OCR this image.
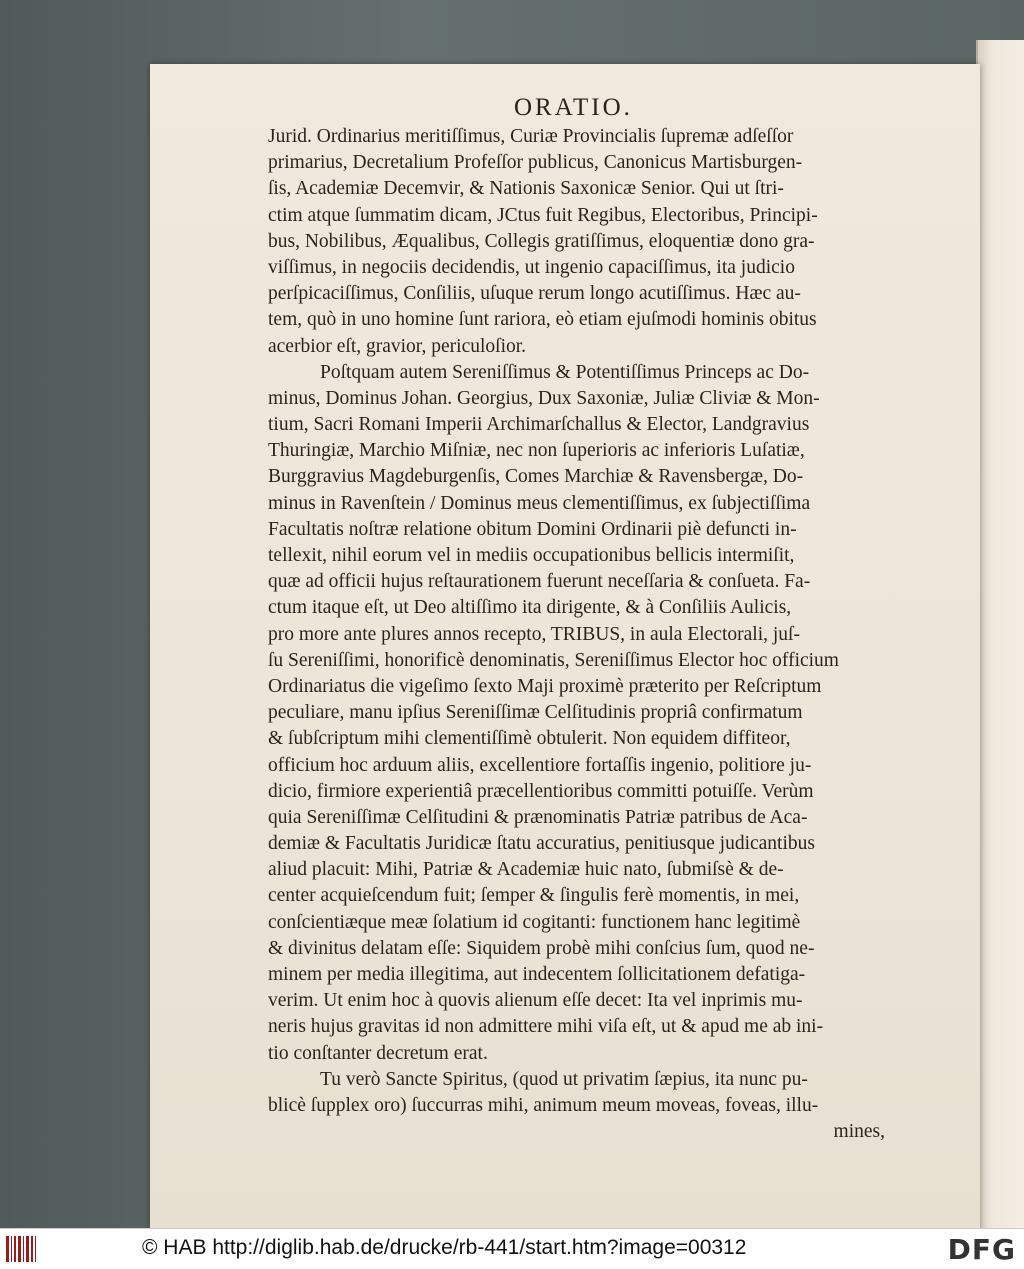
ORATIO.
Jurid. Ordinarius meritiſſimus, Curiæ Provincialis ſupremæ adſeſſor
primarius, Decretalium Profeſſor publicus, Canonicus Martisburgen-
ſis, Academiæ Decemvir, & Nationis Saxonicæ Senior. Qui ut ſtri-
ctim atque ſummatim dicam, JCtus fuit Regibus, Electoribus, Principi-
bus, Nobilibus, Æqualibus, Collegis gratiſſimus, eloquentiæ dono gra-
viſſimus, in negociis decidendis, ut ingenio capaciſſimus, ita judicio
perſpicaciſſimus, Conſiliis, uſuque rerum longo acutiſſimus. Hæc au-
tem, quò in uno homine ſunt rariora, eò etiam ejuſmodi hominis obitus
acerbior eſt, gravior, periculoſior.
Poſtquam autem Sereniſſimus & Potentiſſimus Princeps ac Do-
minus, Dominus Johan. Georgius, Dux Saxoniæ, Juliæ Cliviæ & Mon-
tium, Sacri Romani Imperii Archimarſchallus & Elector, Landgravius
Thuringiæ, Marchio Miſniæ, nec non ſuperioris ac inferioris Luſatiæ,
Burggravius Magdeburgenſis, Comes Marchiæ & Ravensbergæ, Do-
minus in Ravenſtein / Dominus meus clementiſſimus, ex ſubjectiſſima
Facultatis noſtræ relatione obitum Domini Ordinarii piè defuncti in-
tellexit, nihil eorum vel in mediis occupationibus bellicis intermiſit,
quæ ad officii hujus reſtaurationem fuerunt neceſſaria & conſueta. Fa-
ctum itaque eſt, ut Deo altiſſimo ita dirigente, & à Conſiliis Aulicis,
pro more ante plures annos recepto, TRIBUS, in aula Electorali, juſ-
ſu Sereniſſimi, honorificè denominatis, Sereniſſimus Elector hoc officium
Ordinariatus die vigeſimo ſexto Maji proximè præterito per Reſcriptum
peculiare, manu ipſius Sereniſſimæ Celſitudinis propriâ confirmatum
& ſubſcriptum mihi clementiſſimè obtulerit. Non equidem diffiteor,
officium hoc arduum aliis, excellentiore fortaſſis ingenio, politiore ju-
dicio, firmiore experientiâ præcellentioribus committi potuiſſe. Verùm
quia Sereniſſimæ Celſitudini & prænominatis Patriæ patribus de Aca-
demiæ & Facultatis Juridicæ ſtatu accuratius, penitiusque judicantibus
aliud placuit: Mihi, Patriæ & Academiæ huic nato, ſubmiſsè & de-
center acquieſcendum fuit; ſemper & ſingulis ferè momentis, in mei,
conſcientiæque meæ ſolatium id cogitanti: functionem hanc legitimè
& divinitus delatam eſſe: Siquidem probè mihi conſcius ſum, quod ne-
minem per media illegitima, aut indecentem ſollicitationem defatiga-
verim. Ut enim hoc à quovis alienum eſſe decet: Ita vel inprimis mu-
neris hujus gravitas id non admittere mihi viſa eſt, ut & apud me ab ini-
tio conſtanter decretum erat.
Tu verò Sancte Spiritus, (quod ut privatim ſæpius, ita nunc pu-
blicè ſupplex oro) ſuccurras mihi, animum meum moveas, foveas, illu-
mines,
© HAB http://diglib.hab.de/drucke/rb-441/start.htm?image=00312	DFG
